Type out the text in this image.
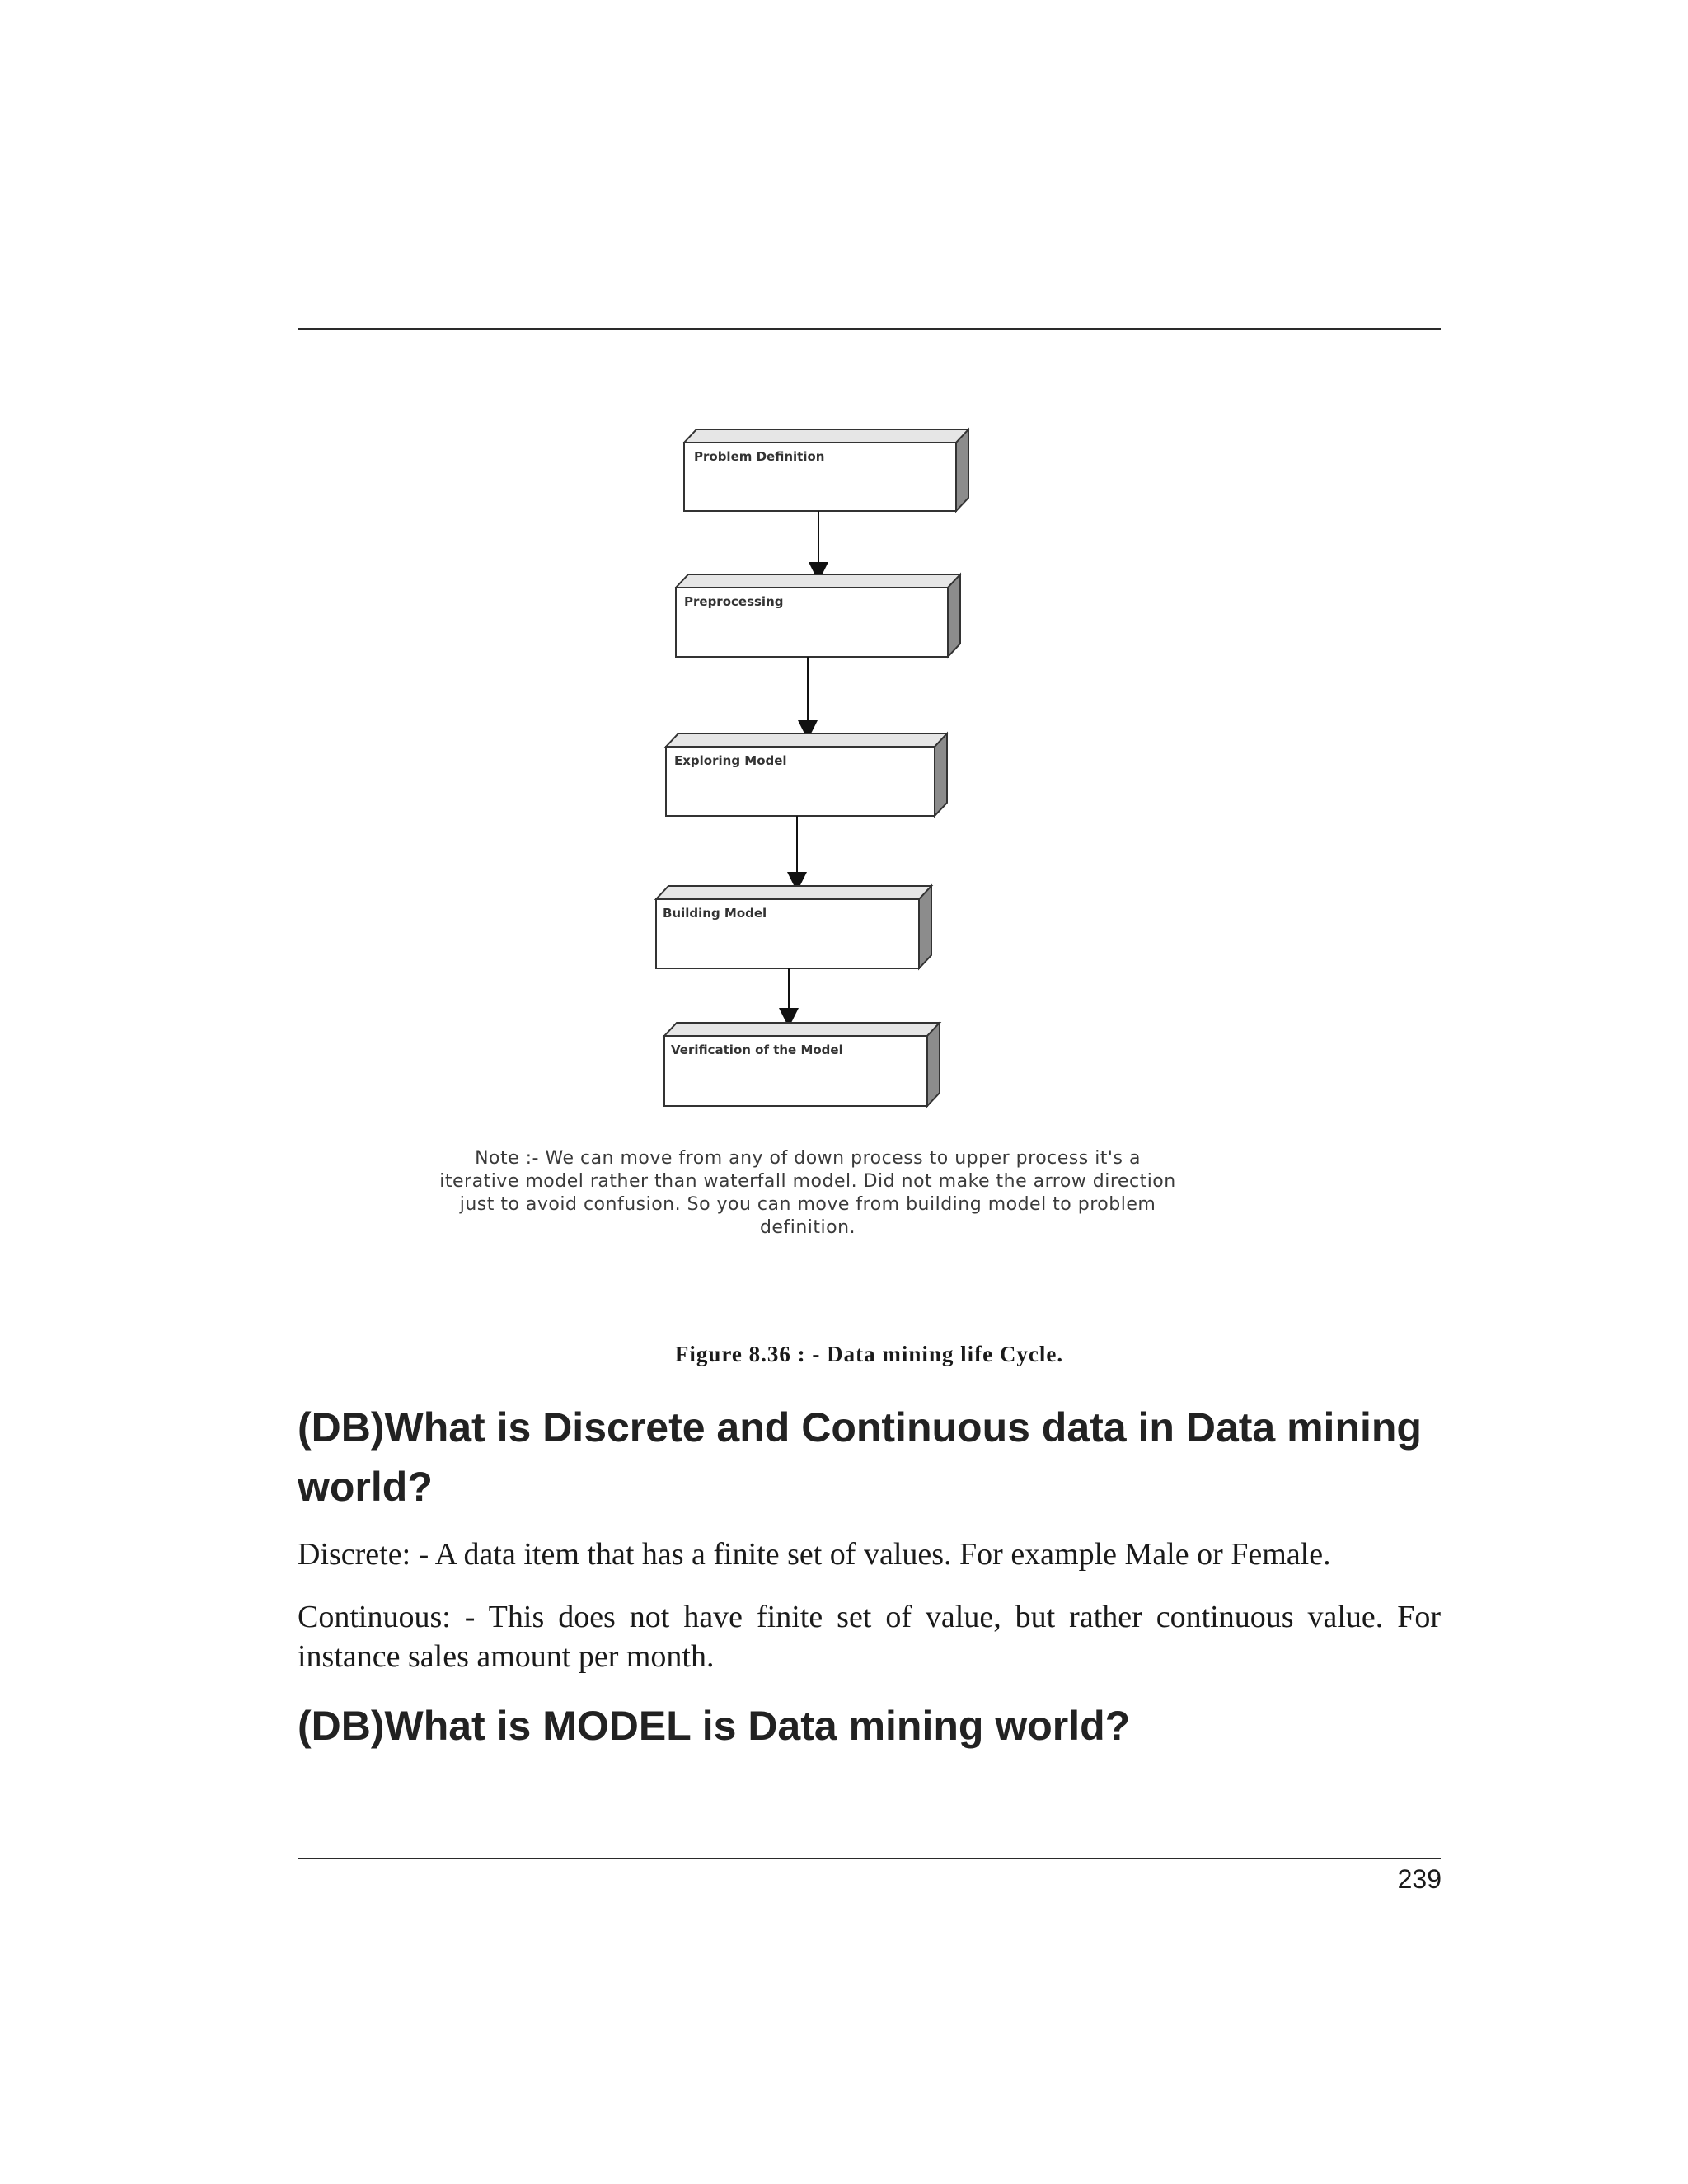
Problem Definition
Preprocessing
Exploring Model
Building Model
Verification of the Model
Note :- We can move from any of down process to upper process it's a
iterative model rather than waterfall model. Did not make the arrow direction
just to avoid confusion. So you can move from building model to problem
definition.
Figure 8.36 : - Data mining life Cycle.
(DB)What is Discrete and Continuous data in Data mining world?

Discrete: - A data item that has a finite set of values. For example Male or Female.

Continuous: - This does not have finite set of value, but rather continuous value. For instance sales amount per month.

(DB)What is MODEL is Data mining world?
239
